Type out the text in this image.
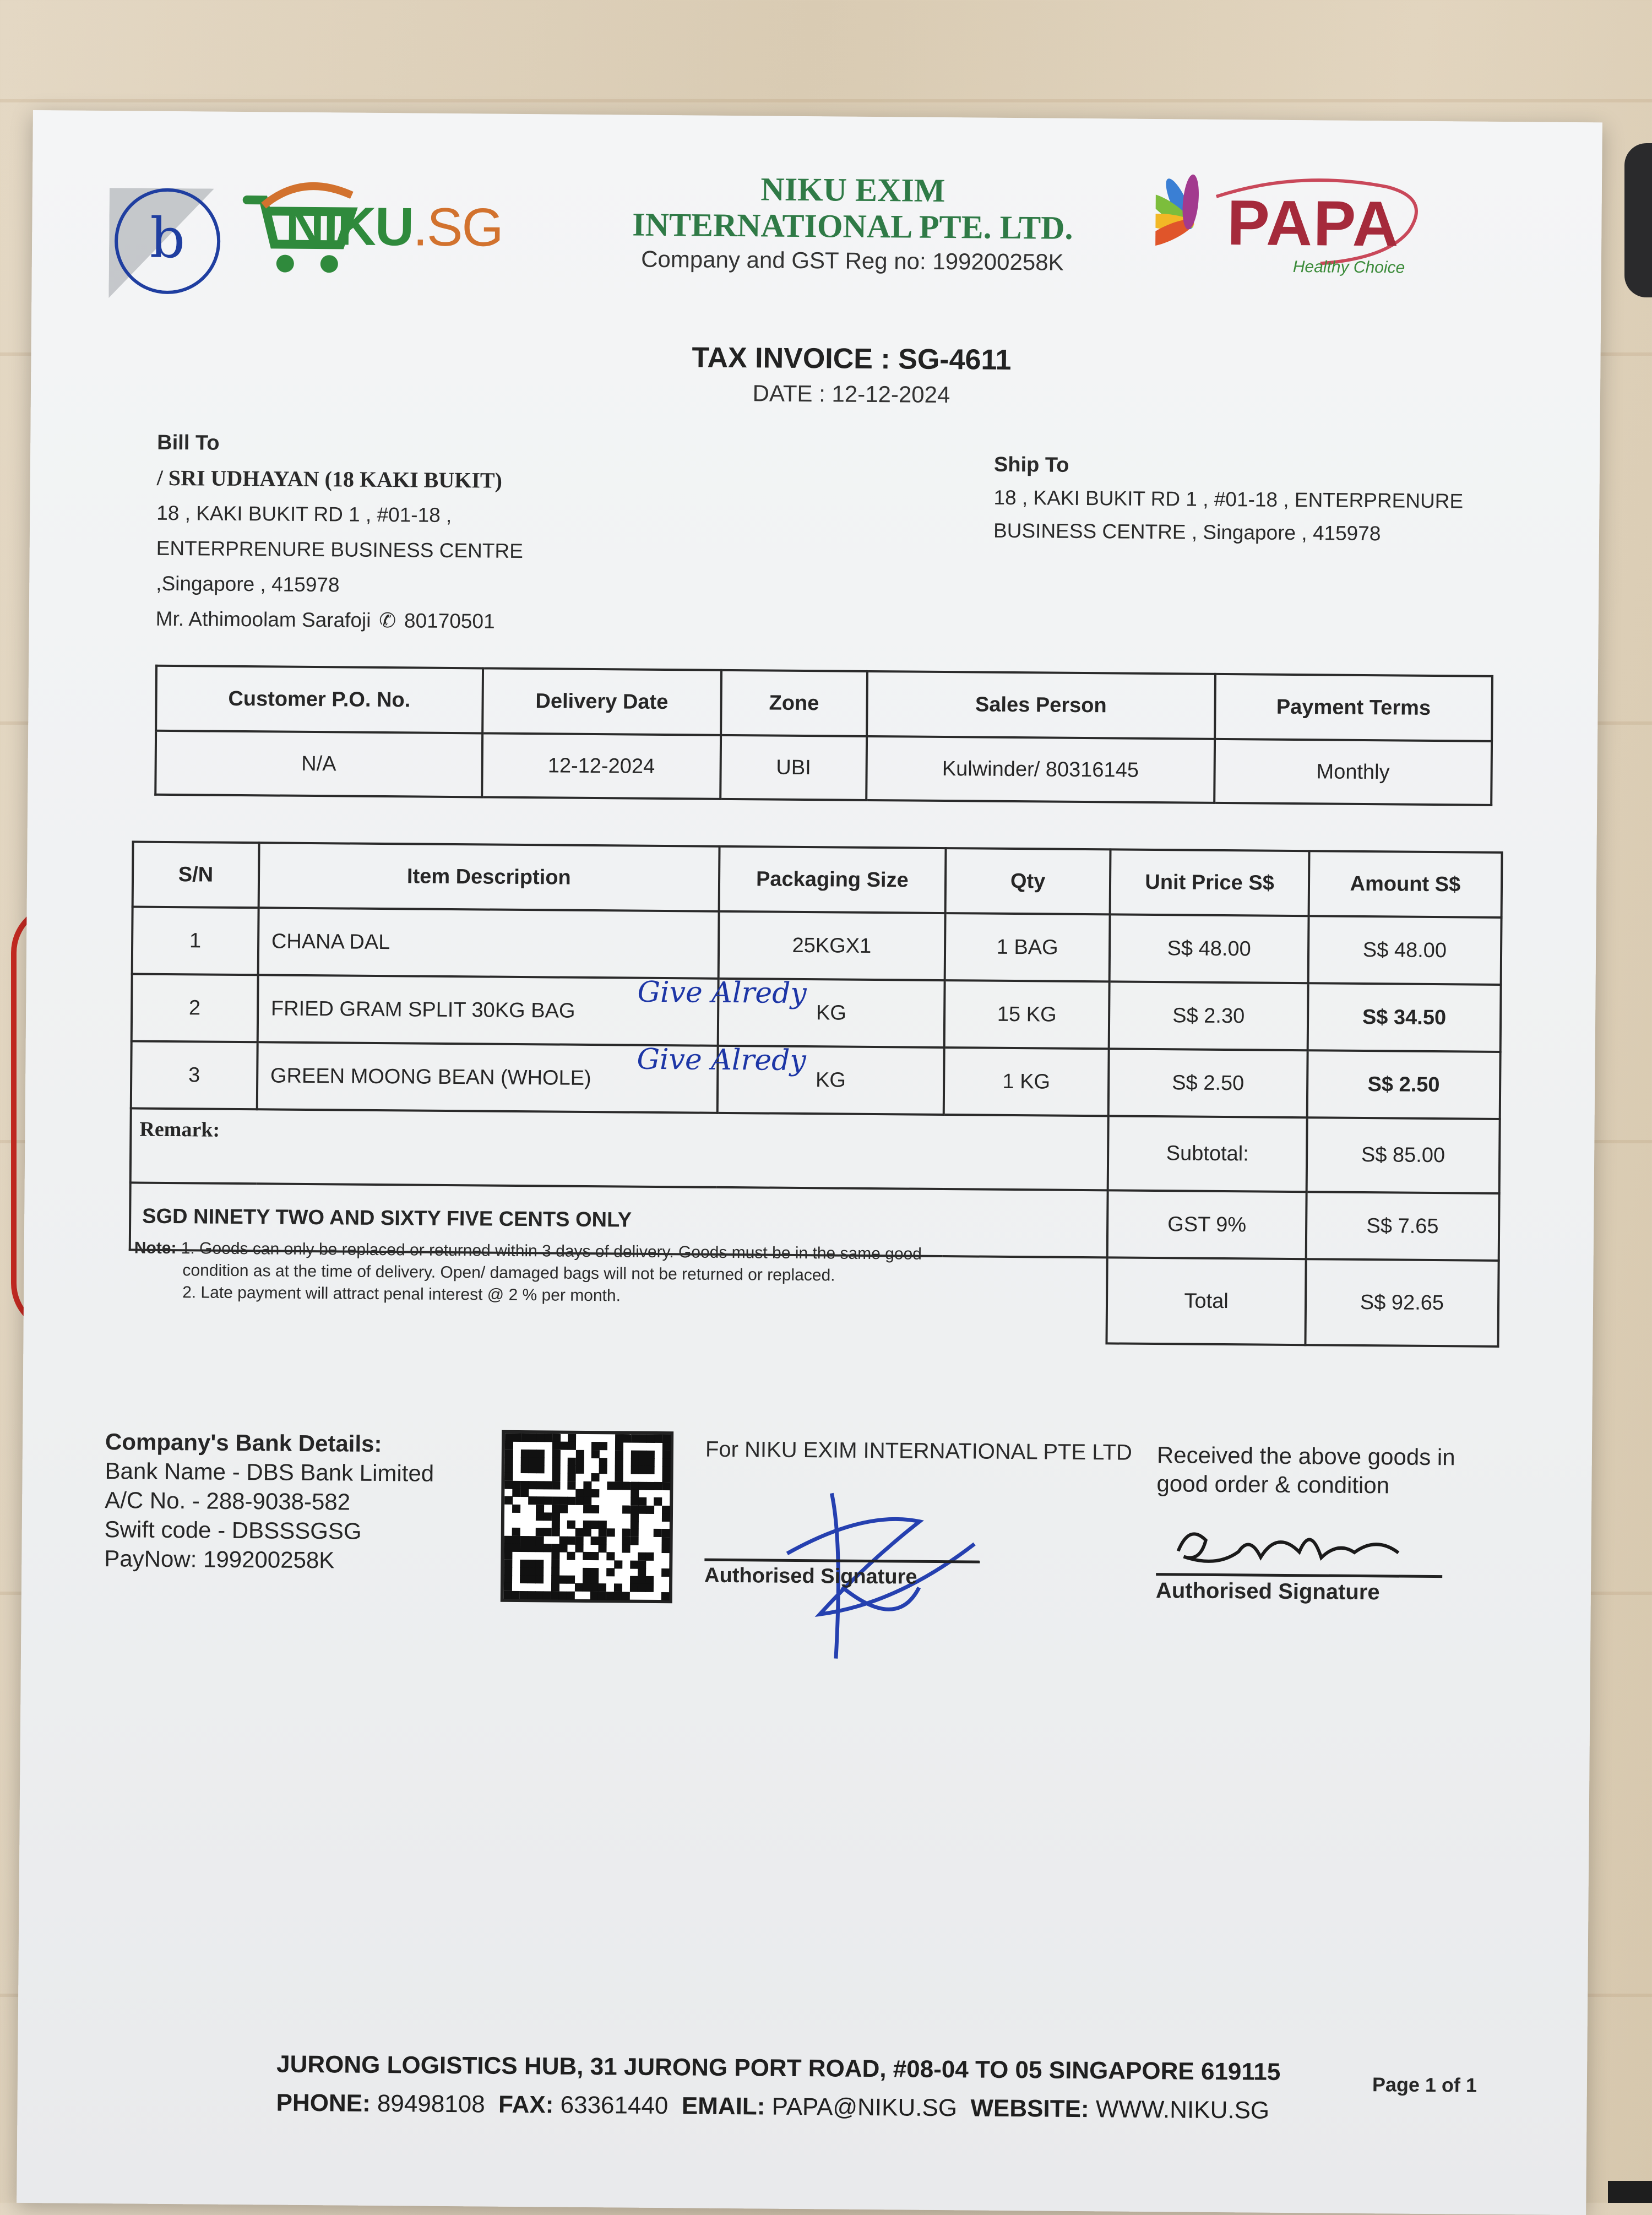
NIKU.SG
b
NIKU EXIM
INTERNATIONAL PTE. LTD.
Company and GST Reg no: 199200258K
PAPA
Healthy Choice
TAX INVOICE : SG-4611
DATE : 12-12-2024
Bill To
/ SRI UDHAYAN (18 KAKI BUKIT)
18 , KAKI BUKIT RD 1 , #01-18 ,
ENTERPRENURE BUSINESS CENTRE
,Singapore , 415978
Mr. Athimoolam Sarafoji ✆ 80170501
Ship To
18 , KAKI BUKIT RD 1 , #01-18 , ENTERPRENURE
BUSINESS CENTRE , Singapore , 415978
Customer P.O. No.	Delivery Date	Zone	Sales Person	Payment Terms
N/A	12-12-2024	UBI	Kulwinder/ 80316145	Monthly
S/N	Item Description	Packaging Size	Qty	Unit Price S$	Amount S$
1	CHANA DAL	25KGX1	1 BAG	S$ 48.00	S$ 48.00
2	FRIED GRAM SPLIT 30KG BAG	KG	15 KG	S$ 2.30	S$ 34.50
3	GREEN MOONG BEAN (WHOLE)	KG	1 KG	S$ 2.50	S$ 2.50
Remark:				Subtotal:	S$ 85.00
SGD NINETY TWO AND SIXTY FIVE CENTS ONLY				GST 9%	S$ 7.65
				Total	S$ 92.65
Give Alredy
Give Alredy
Note: 1. Goods can only be replaced or returned within 3 days of delivery. Goods must be in the same good
condition as at the time of delivery. Open/ damaged bags will not be returned or replaced.
2. Late payment will attract penal interest @ 2 % per month.
Company's Bank Details:
Bank Name - DBS Bank Limited
A/C No. - 288-9038-582
Swift code - DBSSSGSG
PayNow: 199200258K
For NIKU EXIM INTERNATIONAL PTE LTD
Authorised Signature
Received the above goods in
good order & condition
Authorised Signature
JURONG LOGISTICS HUB, 31 JURONG PORT ROAD, #08-04 TO 05 SINGAPORE 619115
PHONE: 89498108 FAX: 63361440 EMAIL: PAPA@NIKU.SG WEBSITE: WWW.NIKU.SG
Page 1 of 1
